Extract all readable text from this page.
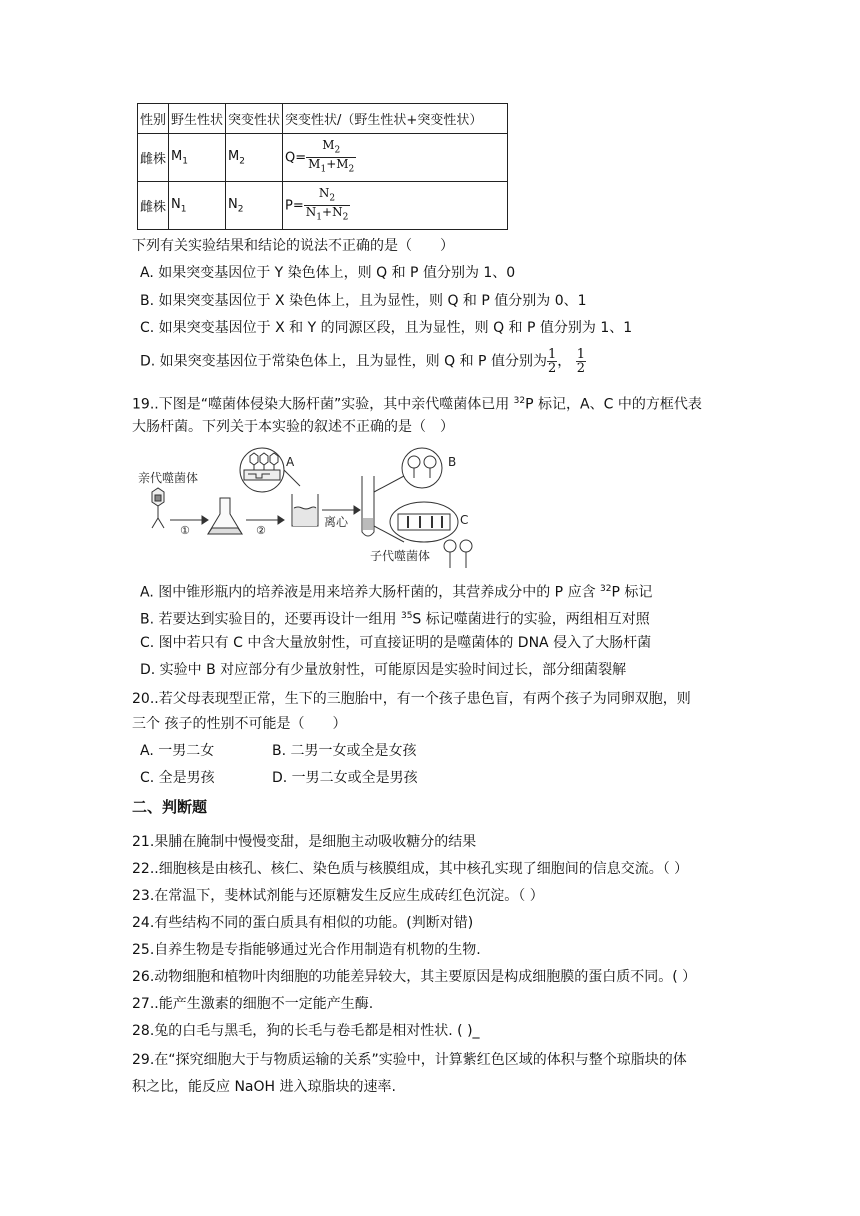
性别	野生性状	突变性状	突变性状/（野生性状+突变性状）
雌株	$M_1$	$M_2$	$Q= \frac{M_2}{M_1+M_2}$

雌株	$N_1$	$N_2$	$P= \frac{N_2}{N_1+N_2}$
下列有关实验结果和结论的说法不正确的是（　　）
A. 如果突变基因位于 Y 染色体上，则 Q 和 P 值分别为 1、0
B. 如果突变基因位于 X 染色体上，且为显性，则 Q 和 P 值分别为 0、1
C. 如果突变基因位于 X 和 Y 的同源区段，且为显性，则 Q 和 P 值分别为 1、1
D. 如果突变基因位于常染色体上，且为显性，则 Q 和 P 值分别为 $\frac{1}{2}$ ， $\frac{1}{2}$
19..下图是“噬菌体侵染大肠杆菌”实验，其中亲代噬菌体已用 $^{32}$P 标记，A、C 中的方框代表
大肠杆菌。下列关于本实验的叙述不正确的是（　）
亲代噬菌体
①	②
A
离心
B
C
子代噬菌体
A. 图中锥形瓶内的培养液是用来培养大肠杆菌的，其营养成分中的 P 应含 $^{32}$P 标记
B. 若要达到实验目的，还要再设计一组用 $^{35}$S 标记噬菌进行的实验，两组相互对照
C. 图中若只有 C 中含大量放射性，可直接证明的是噬菌体的 DNA 侵入了大肠杆菌
D. 实验中 B 对应部分有少量放射性，可能原因是实验时间过长，部分细菌裂解
20..若父母表现型正常，生下的三胞胎中，有一个孩子患色盲，有两个孩子为同卵双胞，则
三个 孩子的性别不可能是（　　）
A. 一男二女	B. 二男一女或全是女孩
C. 全是男孩	D. 一男二女或全是男孩
二、判断题
21.果脯在腌制中慢慢变甜，是细胞主动吸收糖分的结果
22..细胞核是由核孔、核仁、染色质与核膜组成，其中核孔实现了细胞间的信息交流。（ ）
23.在常温下，斐林试剂能与还原糖发生反应生成砖红色沉淀。（ ）
24.有些结构不同的蛋白质具有相似的功能。(判断对错)
25.自养生物是专指能够通过光合作用制造有机物的生物.
26.动物细胞和植物叶肉细胞的功能差异较大，其主要原因是构成细胞膜的蛋白质不同。( ）
27..能产生激素的细胞不一定能产生酶.
28.兔的白毛与黑毛，狗的长毛与卷毛都是相对性状. ( )_
29.在“探究细胞大于与物质运输的关系”实验中，计算紫红色区域的体积与整个琼脂块的体
积之比，能反应 NaOH 进入琼脂块的速率.
